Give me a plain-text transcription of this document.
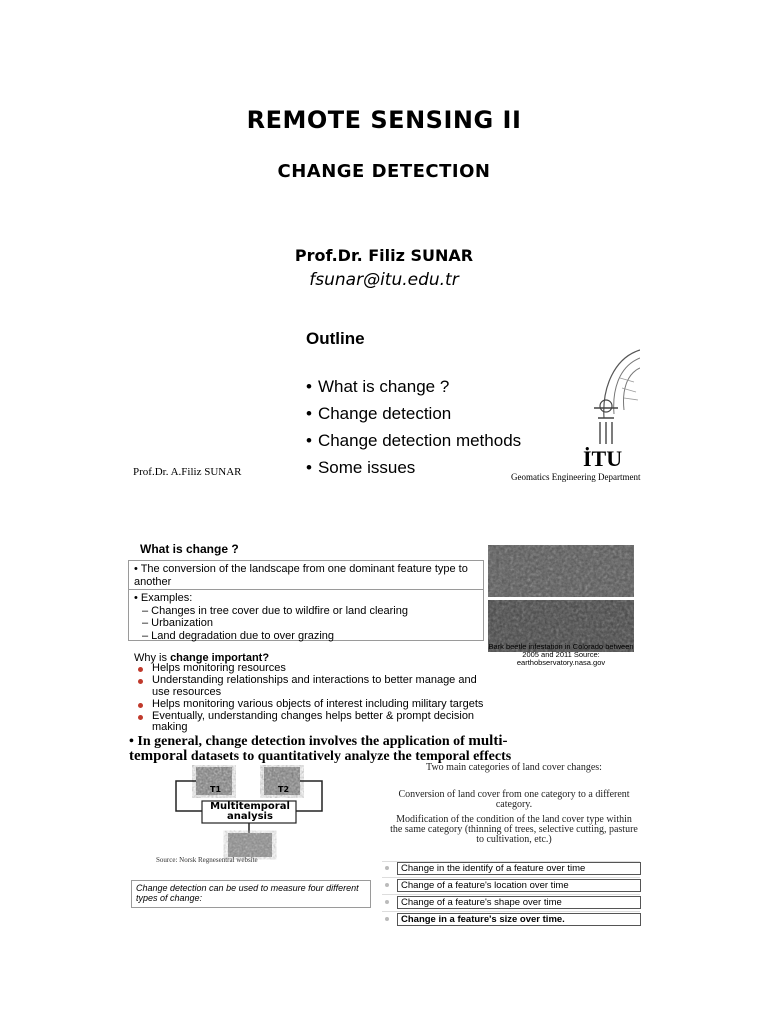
REMOTE SENSING II
CHANGE DETECTION
Prof.Dr. Filiz SUNAR
fsunar@itu.edu.tr
Outline
• What is change ?
• Change detection
• Change detection methods
• Some issues
Prof.Dr. A.Filiz SUNAR
İTU
Geomatics Engineering Department
What is change ?
• The conversion of the landscape from one dominant feature type to another
• Examples:
– Changes in tree cover due to wildfire or land clearing
– Urbanization
– Land degradation due to over grazing
Bark beetle infestation in Colorado between 2005 and 2011 Source: earthobservatory.nasa.gov
Why is change important?
Helps monitoring resources
Understanding relationships and interactions to better manage and use resources
Helps monitoring various objects of interest including military targets
Eventually, understanding changes helps better & prompt decision making
• In general, change detection involves the application of multi-
temporal datasets to quantitatively analyze the temporal effects
T1	T2
Multitemporal analysis
Source: Norsk Regnesentral website
Two main categories of land cover changes:
Conversion of land cover from one category to a different category.
Modification of the condition of the land cover type within the same category (thinning of trees, selective cutting, pasture to cultivation, etc.)
Change detection can be used to measure four different types of change:
Change in the identify of a feature over time
Change of a feature's location over time
Change of a feature's shape over time
Change in a feature's size over time.
